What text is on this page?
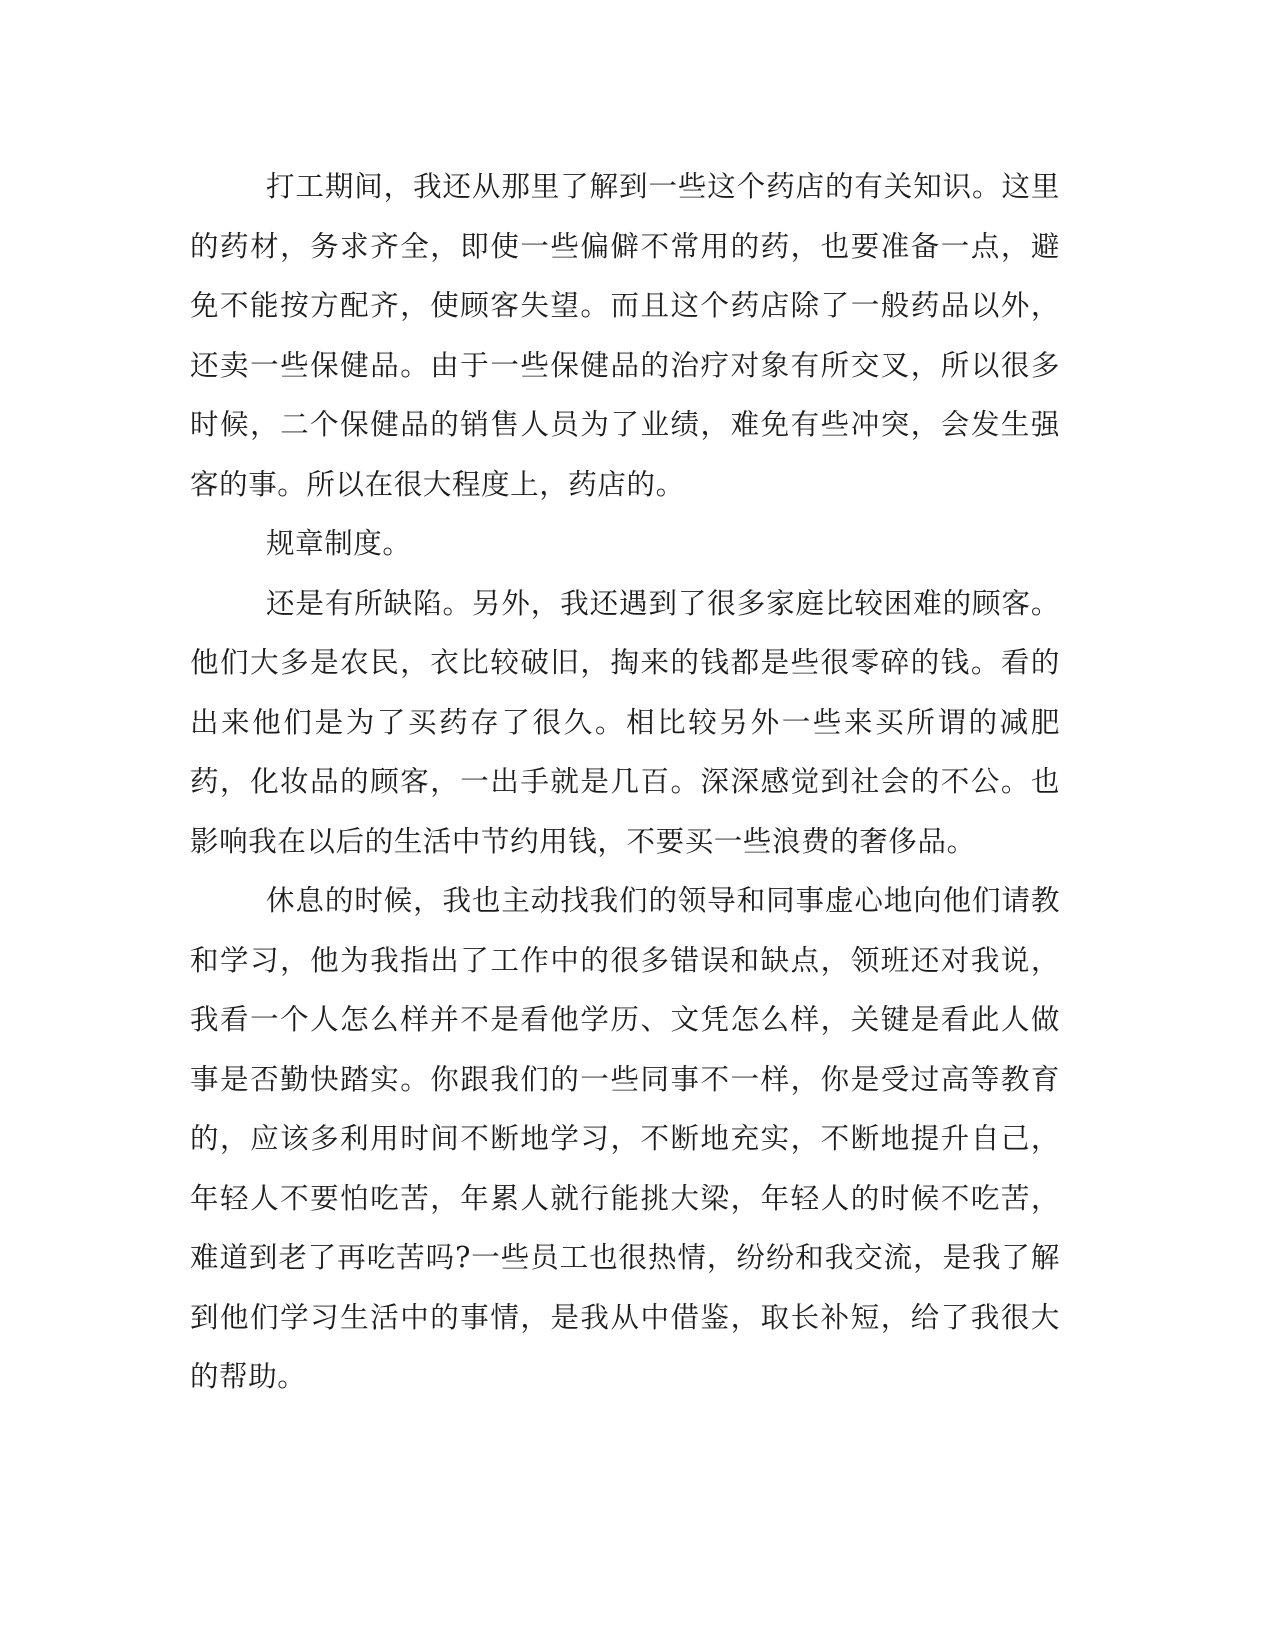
打工期间，我还从那里了解到一些这个药店的有关知识。这里的药材，务求齐全，即使一些偏僻不常用的药，也要准备一点，避免不能按方配齐，使顾客失望。而且这个药店除了一般药品以外，还卖一些保健品。由于一些保健品的治疗对象有所交叉，所以很多时候，二个保健品的销售人员为了业绩，难免有些冲突，会发生强客的事。所以在很大程度上，药店的。

规章制度。

还是有所缺陷。另外，我还遇到了很多家庭比较困难的顾客。他们大多是农民，衣比较破旧，掏来的钱都是些很零碎的钱。看的出来他们是为了买药存了很久。相比较另外一些来买所谓的减肥药，化妆品的顾客，一出手就是几百。深深感觉到社会的不公。也影响我在以后的生活中节约用钱，不要买一些浪费的奢侈品。

休息的时候，我也主动找我们的领导和同事虚心地向他们请教和学习，他为我指出了工作中的很多错误和缺点，领班还对我说，我看一个人怎么样并不是看他学历、文凭怎么样，关键是看此人做事是否勤快踏实。你跟我们的一些同事不一样，你是受过高等教育的，应该多利用时间不断地学习，不断地充实，不断地提升自己，年轻人不要怕吃苦，年累人就行能挑大梁，年轻人的时候不吃苦，难道到老了再吃苦吗?一些员工也很热情，纷纷和我交流，是我了解到他们学习生活中的事情，是我从中借鉴，取长补短，给了我很大的帮助。
